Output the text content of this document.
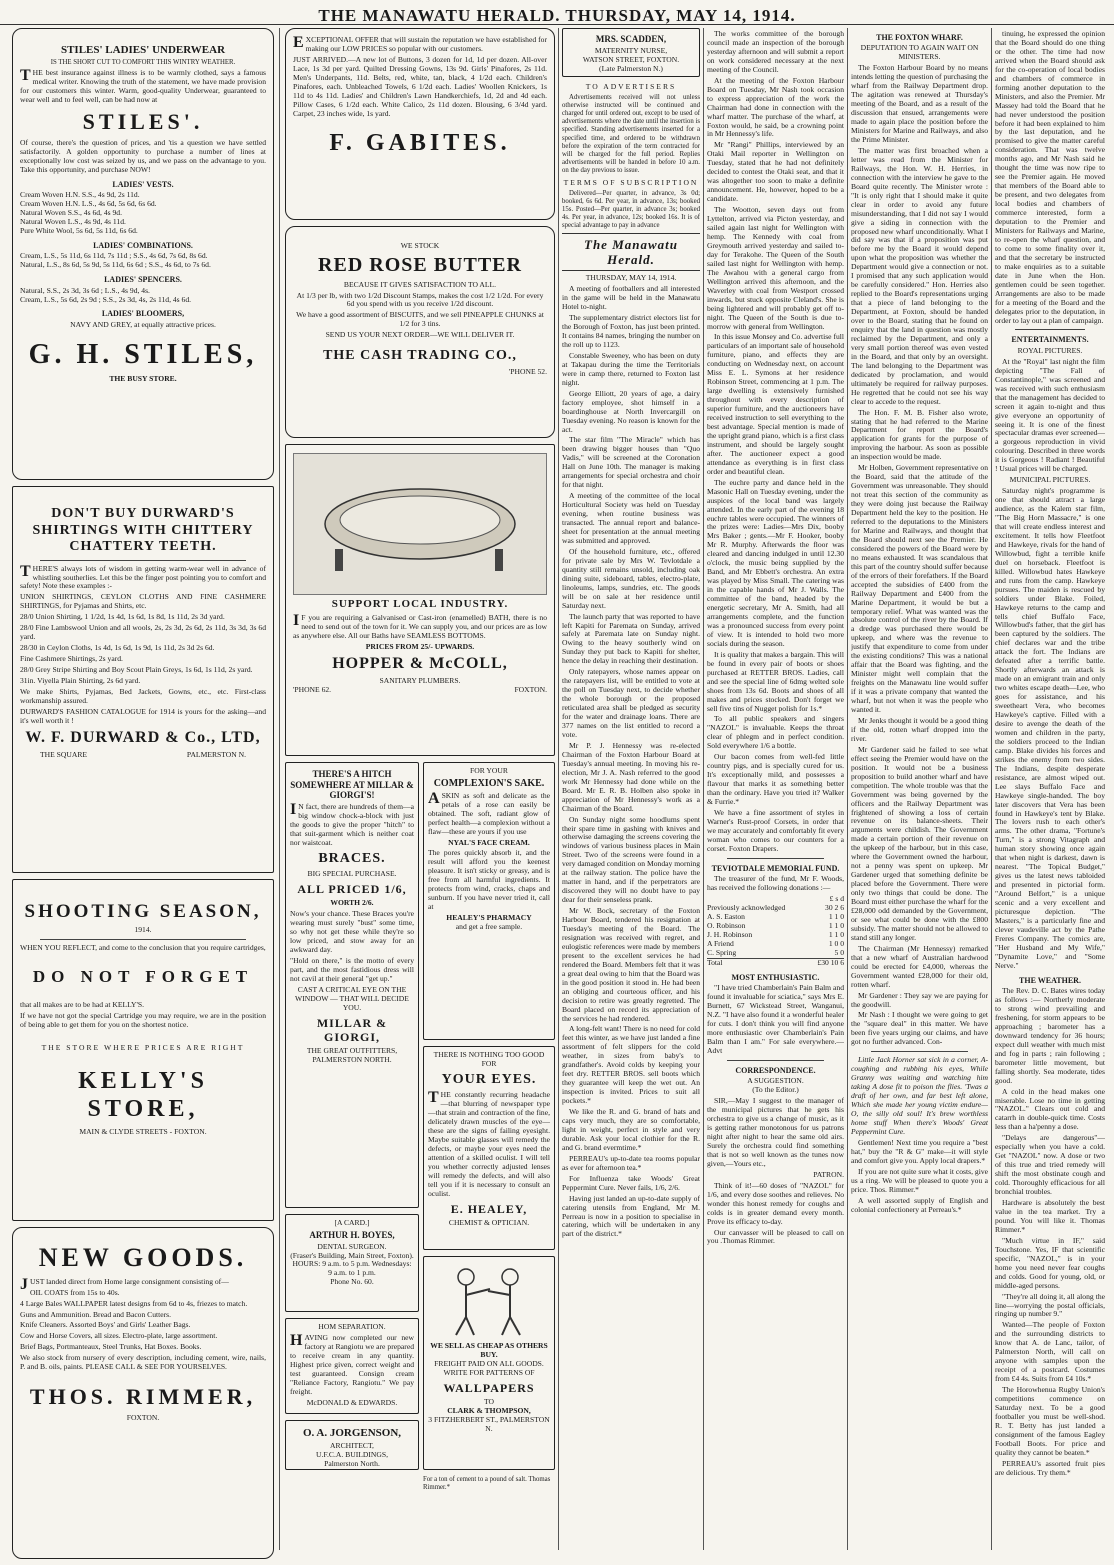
THE MANAWATU HERALD. THURSDAY, MAY 14, 1914.
STILES' LADIES' UNDERWEAR
IS THE SHORT CUT TO COMFORT THIS WINTRY WEATHER.

THE best insurance against illness is to be warmly clothed, says a famous medical writer. Knowing the truth of the statement, we have made provision for our customers this winter. Warm, good-quality Underwear, guaranteed to wear well and to feel well, can be had now at

STILES'.

Of course, there's the question of prices, and 'tis a question we have settled satisfactorily. A golden opportunity to purchase a number of lines at exceptionally low cost was seized by us, and we pass on the advantage to you. Take this opportunity, and purchase NOW!

LADIES' VESTS.
Cream Woven H.N. S.S., 4s 9d, 2s 11d.
Cream Woven H.N. L.S., 4s 6d, 5s 6d, 6s 6d.
Natural Woven S.S., 4s 6d, 4s 9d.
Natural Woven L.S., 4s 9d, 4s 11d.
Pure White Wool, 5s 6d, 5s 11d, 6s 6d.
LADIES' COMBINATIONS.
Cream, L.S., 5s 11d, 6s 11d, 7s 11d ; S.S., 4s 6d, 7s 6d, 8s 6d.
Natural, L.S., 8s 6d, 5s 9d, 5s 11d, 6s 6d ; S.S., 4s 6d, to 7s 6d.
LADIES' SPENCERS.
Natural, S.S., 2s 3d, 3s 6d ; L.S., 4s 9d, 4s.
Cream, L.S., 5s 6d, 2s 9d ; S.S., 2s 3d, 4s, 2s 11d, 4s 6d.
LADIES' BLOOMERS,
NAVY AND GREY, at equally attractive prices.
G. H. STILES,
THE BUSY STORE.
DON'T BUY DURWARD'S SHIRTINGS WITH CHITTERY CHATTERY TEETH.

THERE'S always lots of wisdom in getting warm-wear well in advance of whistling southerlies. Let this be the finger post pointing you to comfort and safety! Note these examples :-

UNION SHIRTINGS, CEYLON CLOTHS AND FINE CASHMERE SHIRTINGS, for Pyjamas and Shirts, etc.

28/0 Union Shirting, 1 1/2d, 1s 4d, 1s 6d, 1s 8d, 1s 11d, 2s 3d yard.

28/0 Fine Lambswool Union and all wools, 2s, 2s 3d, 2s 6d, 2s 11d, 3s 3d, 3s 6d yard.

28/30 in Ceylon Cloths, 1s 4d, 1s 6d, 1s 9d, 1s 11d, 2s 3d 2s 6d.

Fine Cashmere Shirtings, 2s yard.

28/0 Grey Stripe Shirting and Boy Scout Plain Greys, 1s 6d, 1s 11d, 2s yard.

31in. Viyella Plain Shirting, 2s 6d yard.

We make Shirts, Pyjamas, Bed Jackets, Gowns, etc., etc. First-class workmanship assured.

DURWARD'S FASHION CATALOGUE for 1914 is yours for the asking—and it's well worth it !

W. F. DURWARD & Co., LTD,
THE SQUARE	PALMERSTON N.
SHOOTING SEASON,
1914.

WHEN YOU REFLECT, and come to the conclusion that you require cartridges,

DO NOT FORGET

that all makes are to be had at KELLY'S.

If we have not got the special Cartridge you may require, we are in the position of being able to get them for you on the shortest notice.

THE STORE WHERE PRICES ARE RIGHT
KELLY'S STORE,
MAIN & CLYDE STREETS - FOXTON.
NEW GOODS.

JUST landed direct from Home large consignment consisting of—

OIL COATS from 15s to 40s.

4 Large Bales WALLPAPER latest designs from 6d to 4s, friezes to match.

Guns and Ammunition. Bread and Bacon Cutters.

Knife Cleaners. Assorted Boys' and Girls' Leather Bags.

Cow and Horse Covers, all sizes. Electro-plate, large assortment.

Brief Bags, Portmanteaux, Steel Trunks, Hat Boxes. Books.

We also stock from nursery of every description, including cement, wire, nails, P. and B. oils, paints. PLEASE CALL & SEE FOR YOURSELVES.

THOS. RIMMER,
FOXTON.

EXCEPTIONAL OFFER that will sustain the reputation we have established for making our LOW PRICES so popular with our customers.

JUST ARRIVED.—A new lot of Buttons, 3 dozen for 1d, 1d per dozen. All-over Lace, 1s 3d per yard. Quilted Dressing Gowns, 13s 9d. Girls' Pinafores, 2s 11d. Men's Underpants, 11d. Belts, red, white, tan, black, 4 1/2d each. Children's Pinafores, each. Unbleached Towels, 6 1/2d each. Ladies' Woollen Knickers, 1s 11d to 4s 11d. Ladies' and Children's Lawn Handkerchiefs, 1d, 2d and 4d each. Pillow Cases, 6 1/2d each. White Calico, 2s 11d dozen. Blousing, 6 3/4d yard. Carpet, 23 inches wide, 1s yard.

F. GABITES.
WE STOCK
RED ROSE BUTTER
BECAUSE IT GIVES SATISFACTION TO ALL.

At 1/3 per lb, with two 1/2d Discount Stamps, makes the cost 1/2 1/2d. For every 6d you spend with us you receive 1/2d discount.

We have a good assortment of BISCUITS, and we sell PINEAPPLE CHUNKS at 1/2 for 3 tins.

SEND US YOUR NEXT ORDER—WE WILL DELIVER IT.

THE CASH TRADING CO.,
'PHONE 52.
SUPPORT LOCAL INDUSTRY.

IF you are requiring a Galvanised or Cast-iron (enamelled) BATH, there is no need to send out of the town for it. We can supply you, and our prices are as low as anywhere else. All our Baths have SEAMLESS BOTTOMS.

PRICES FROM 25/- UPWARDS.
HOPPER & McCOLL,
SANITARY PLUMBERS.
'PHONE 62.	FOXTON.
THERE'S A HITCH SOMEWHERE AT MILLAR & GIORGI'S!

IN fact, there are hundreds of them—a big window chock-a-block with just the goods to give the proper "hitch" to that suit-garment which is neither coat nor waistcoat.

BRACES.
BIG SPECIAL PURCHASE.
ALL PRICED 1/6,
WORTH 2/6.

Now's your chance. These Braces you're wearing must surely "bust" some time, so why not get these while they're so low priced, and stow away for an awkward day.

"Hold on there," is the motto of every part, and the most fastidious dress will not cavil at their general "get up."

CAST A CRITICAL EYE ON THE WINDOW — THAT WILL DECIDE YOU.

MILLAR & GIORGI,
THE GREAT OUTFITTERS,
PALMERSTON NORTH.
[A CARD.]
ARTHUR H. BOYES,
DENTAL SURGEON.
(Fraser's Building, Main Street, Foxton).
HOURS: 9 a.m. to 5 p.m. Wednesdays: 9 a.m. to 1 p.m.
Phone No. 60.
HOM SEPARATION.

HAVING now completed our new factory at Rangiotu we are prepared to receive cream in any quantity. Highest price given, correct weight and test guaranteed. Consign cream "Reliance Factory, Rangiotu." We pay freight.

McDONALD & EDWARDS.
O. A. JORGENSON,
ARCHITECT,
U.F.C.A. BUILDINGS,
Palmerston North.
FOR YOUR
COMPLEXION'S SAKE.

ASKIN as soft and delicate as the petals of a rose can easily be obtained. The soft, radiant glow of perfect health—a complexion without a flaw—these are yours if you use

NYAL'S FACE CREAM.

The pores quickly absorb it, and the result will afford you the keenest pleasure. It isn't sticky or greasy, and is free from all harmful ingredients. It protects from wind, cracks, chaps and sunburn. If you have never tried it, call at

HEALEY'S PHARMACY
and get a free sample.
THERE IS NOTHING TOO GOOD FOR
YOUR EYES.

THE constantly recurring headache—that blurring of newspaper type—that strain and contraction of the fine, delicately drawn muscles of the eye—these are the signs of failing eyesight. Maybe suitable glasses will remedy the defects, or maybe your eyes need the attention of a skilled oculist. I will tell you whether correctly adjusted lenses will remedy the defects, and will also tell you if it is necessary to consult an oculist.

E. HEALEY,
CHEMIST & OPTICIAN.
WE SELL AS CHEAP AS OTHERS BUY.
FREIGHT PAID ON ALL GOODS.
WRITE FOR PATTERNS OF
WALLPAPERS
TO
CLARK & THOMPSON,
3 FITZHERBERT ST., PALMERSTON N.
For a ton of cement to a pound of salt. Thomas Rimmer.*
MRS. SCADDEN,
MATERNITY NURSE,
WATSON STREET, FOXTON.
(Late Palmerston N.)
TO ADVERTISERS

Advertisements received will not unless otherwise instructed will be continued and charged for until ordered out, except to be used of advertisements where the date until the insertion is specified. Standing advertisements inserted for a specified time, and ordered to be withdrawn before the expiration of the term contracted for will be charged for the full period. Replies advertisements will be handed in before 10 a.m. on the day previous to issue.

TERMS OF SUBSCRIPTION

Delivered—Per quarter, in advance, 3s 0d; booked, 6s 6d. Per year, in advance, 13s; booked 15s. Posted—Per quarter, in advance 3s; booked 4s. Per year, in advance, 12s; booked 16s. It is of special advantage to pay in advance

The Manawatu Herald.
THURSDAY, MAY 14, 1914.

A meeting of footballers and all interested in the game will be held in the Manawatu Hotel to-night.

The supplementary district electors list for the Borough of Foxton, has just been printed. It contains 84 names, bringing the number on the roll up to 1123.

Constable Sweeney, who has been on duty at Takapau during the time the Territorials were in camp there, returned to Foxton last night.

George Elliott, 20 years of age, a dairy factory employee, shot himself in a boardinghouse at North Invercargill on Tuesday evening. No reason is known for the act.

The star film "The Miracle" which has been drawing bigger houses than "Quo Vadis," will be screened at the Coronation Hall on June 10th. The manager is making arrangements for special orchestra and choir for that night.

A meeting of the committee of the local Horticultural Society was held on Tuesday evening, when routine business was transacted. The annual report and balance-sheet for presentation at the annual meeting was submitted and approved.

Of the household furniture, etc., offered for private sale by Mrs W. Tevlotdale a quantity still remains unsold, including oak dining suite, sideboard, tables, electro-plate, linoleums, lamps, sundries, etc. The goods will be on sale at her residence until Saturday next.

The launch party that was reported to have left Kapiti for Paremata on Sunday, arrived safely at Paremata late on Sunday night. Owing to the heavy southerly wind on Sunday they put back to Kapiti for shelter, hence the delay in reaching their destination.

Only ratepayers, whose names appear on the ratepayers list, will be entitled to vote at the poll on Tuesday next, to decide whether the whole borough or the proposed reticulated area shall be pledged as security for the water and drainage loans. There are 377 names on the list entitled to record a vote.

Mr P. J. Hennessy was re-elected Chairman of the Foxton Harbour Board at Tuesday's annual meeting. In moving his re-election, Mr J. A. Nash referred to the good work Mr Hennessy had done while on the Board. Mr E. R. B. Holben also spoke in appreciation of Mr Hennessy's work as a Chairman of the Board.

On Sunday night some hoodlums spent their spare time in gashing with knives and otherwise damaging the screens covering the windows of various business places in Main Street. Two of the screens were found in a very damaged condition on Monday morning at the railway station. The police have the matter in hand, and if the perpetrators are discovered they will no doubt have to pay dear for their senseless prank.

Mr W. Bock, secretary of the Foxton Harbour Board, tendered his resignation at Tuesday's meeting of the Board. The resignation was received with regret, and eulogistic references were made by members present to the excellent services he had rendered the Board. Members felt that it was a great deal owing to him that the Board was in the good position it stood in. He had been an obliging and courteous officer, and his decision to retire was greatly regretted. The Board placed on record its appreciation of the services he had rendered.

A long-felt want! There is no need for cold feet this winter, as we have just landed a fine assortment of felt slippers for the cold weather, in sizes from baby's to grandfather's. Avoid colds by keeping your feet dry. RETTER BROS. sell boots which they guarantee will keep the wet out. An inspection is invited. Prices to suit all pockets.*

We like the R. and G. brand of hats and caps very much, they are so comfortable, light in weight, perfect in style and very durable. Ask your local clothier for the R. and G. brand evermtime.*

PERREAU's up-to-date tea rooms popular as ever for afternoon tea.*

For Influenza take Woods' Great Peppermint Cure. Never fails, 1/6, 2/6.

Having just landed an up-to-date supply of catering utensils from England, Mr M. Perreau is now in a position to specialise in catering, which will be undertaken in any part of the district.*

The works committee of the borough council made an inspection of the borough yesterday afternoon and will submit a report on work considered necessary at the next meeting of the Council.

At the meeting of the Foxton Harbour Board on Tuesday, Mr Nash took occasion to express appreciation of the work the Chairman had done in connection with the wharf matter. The purchase of the wharf, at Foxton would, he said, be a crowning point in Mr Hennessy's life.

Mr "Rangi" Phillips, interviewed by an Otaki Mail reporter in Wellington on Tuesday, stated that he had not definitely decided to contest the Otaki seat, and that it was altogether too soon to make a definite announcement. He, however, hoped to be a candidate.

The Wootton, seven days out from Lyttelton, arrived via Picton yesterday, and sailed again last night for Wellington with hemp. The Kennedy with coal from Greymouth arrived yesterday and sailed to-day for Terakohe. The Queen of the South sailed last night for Wellington with hemp. The Awahou with a general cargo from Wellington arrived this afternoon, and the Waverley with coal from Westport crossed inwards, but stuck opposite Cleland's. She is being lightered and will probably get off to-night. The Queen of the South is due to-morrow with general from Wellington.

In this issue Monsey and Co. advertise full particulars of an important sale of household furniture, piano, and effects they are conducting on Wednesday next, on account Miss E. L. Symons at her residence Robinson Street, commencing at 1 p.m. The large dwelling is extensively furnished throughout with every description of superior furniture, and the auctioneers have received instruction to sell everything to the best advantage. Special mention is made of the upright grand piano, which is a first class instrument, and should be largely sought after. The auctioneer expect a good attendance as everything is in first class order and beautiful clean.

The euchre party and dance held in the Masonic Hall on Tuesday evening, under the auspices of the local band was largely attended. In the early part of the evening 18 euchre tables were occupied. The winners of the prizes were: Ladies—Mrs Dix, booby Mrs Baker ; gents.—Mr F. Hooker, booby Mr R. Murphy. Afterwards the floor was cleared and dancing indulged in until 12.30 o'clock, the music being supplied by the Band, and Mr Ebbett's orchestra. An extra was played by Miss Small. The catering was in the capable hands of Mr J. Walls. The committee of the band, headed by the energetic secretary, Mr A. Smith, had all arrangements complete, and the function was a pronounced success from every point of view. It is intended to hold two more socials during the season.

It is quality that makes a bargain. This will be found in every pair of boots or shoes purchased at RETTER BROS. Ladies, call and see the special line of 6dmg welted sole shoes from 13s 6d. Boots and shoes of all makes and prices stocked. Don't forget we sell five tins of Nugget polish for 1s.*

To all public speakers and singers "NAZOL" is invaluable. Keeps the throat clear of phlegm and in perfect condition. Sold everywhere 1/6 a bottle.

Our bacon comes from well-fed little country pigs, and is specially cured for us. It's exceptionally mild, and possesses a flavour that marks it as something better than the ordinary. Have you tried it? Walker & Furrie.*

We have a fine assortment of styles in Warner's Rust-proof Corsets, in order that we may accurately and comfortably fit every woman who comes to our counters for a corset. Foxton Drapers.

TEVIOTDALE MEMORIAL FUND.

The treasurer of the fund, Mr F. Woods, has received the following donations :—

£ s d
Previously acknowledged	30 2 6
A. S. Easton	1 1 0
O. Robinson	1 1 0
J. H. Robinson	1 1 0
A Friend	1 0 0
C. Spring	5 0
Total	£30 10 6
MOST ENTHUSIASTIC.

"I have tried Chamberlain's Pain Balm and found it invaluable for sciatica," says Mrs E. Burnett, 67 Wickstead Street, Wanganui, N.Z. "I have also found it a wonderful healer for cuts. I don't think you will find anyone more enthusiastic over Chamberlain's Pain Balm than I am." For sale everywhere.—Advt

CORRESPONDENCE.
A SUGGESTION.
(To the Editor.)

SIR,—May I suggest to the manager of the municipal pictures that he gets his orchestra to give us a change of music, as it is getting rather monotonous for us patrons night after night to hear the same old airs. Surely the orchestra could find something that is not so well known as the tunes now given,—Yours etc.,

PATRON.

Think of it!—60 doses of "NAZOL" for 1/6, and every dose soothes and relieves. No wonder this honest remedy for coughs and colds is in greater demand every month. Prove its efficacy to-day.

Our canvasser will be pleased to call on you .Thomas Rimmer.

THE FOXTON WHARF.
DEPUTATION TO AGAIN WAIT ON MINISTERS.

The Foxton Harbour Board by no means intends letting the question of purchasing the wharf from the Railway Department drop. The agitation was renewed at Thursday's meeting of the Board, and as a result of the discussion that ensued, arrangements were made to again place the position before the Ministers for Marine and Railways, and also the Prime Minister.

The matter was first broached when a letter was read from the Minister for Railways, the Hon. W. H. Herries, in connection with the interview he gave to the Board quite recently. The Minister wrote : "It is only right that I should make it quite clear in order to avoid any future misunderstanding, that I did not say I would give a siding in connection with the proposed new wharf unconditionally. What I did say was that if a proposition was put before me by the Board it would depend upon what the proposition was whether the Department would give a connection or not. I promised that any such application would be carefully considered." Hon. Herries also replied to the Board's representations urging that a piece of land belonging to the Department, at Foxton, should be handed over to the Board, stating that he found on enquiry that the land in question was mostly reclaimed by the Department, and only a very small portion thereof was even vested in the Board, and that only by an oversight. The land belonging to the Department was dedicated by proclamation, and would ultimately be required for railway purposes. He regretted that he could not see his way clear to accede to the request.

The Hon. F. M. B. Fisher also wrote, stating that he had referred to the Marine Department for report the Board's application for grants for the purpose of improving the harbour. As soon as possible an inspection would be made.

Mr Holben, Government representative on the Board, said that the attitude of the Government was unreasonable. They should not treat this section of the community as they were doing just because the Railway Department held the key to the position. He referred to the deputations to the Ministers for Marine and Railways, and thought that the Board should next see the Premier. He considered the powers of the Board were by no means exhausted. It was scandalous that this part of the country should suffer because of the errors of their forefathers. If the Board accepted the subsidies of £400 from the Railway Department and £400 from the Marine Department, it would be but a temporary relief. What was wanted was the absolute control of the river by the Board. If a dredge was purchased there would be upkeep, and where was the revenue to justify that expenditure to come from under the existing conditions? This was a national affair that the Board was fighting, and the Minister might well complain that the freights on the Manawatu line would suffer if it was a private company that wanted the wharf, but not when it was the people who wanted it.

Mr Jenks thought it would be a good thing if the old, rotten wharf dropped into the river.

Mr Gardener said he failed to see what effect seeing the Premier would have on the position. It would not be a business proposition to build another wharf and have competition. The whole trouble was that the Government was being governed by the officers and the Railway Department was frightened of showing a loss of certain revenue on its balance-sheets. Their arguments were childish. The Government made a certain portion of their revenue on the upkeep of the harbour, but in this case, where the Government owned the harbour, not a penny was spent on upkeep. Mr Gardener urged that something definite be placed before the Government. There were only two things that could be done. The Board must either purchase the wharf for the £28,000 odd demanded by the Government, or see what could be done with the £800 subsidy. The matter should not be allowed to stand still any longer.

The Chairman (Mr Hennessy) remarked that a new wharf of Australian hardwood could be erected for £4,000, whereas the Government wanted £28,000 for their old, rotten wharf.

Mr Gardener : They say we are paying for the goodwill.

Mr Nash : I thought we were going to get the "square deal" in this matter. We have been five years urging our claims, and have got no further advanced. Con-

Little Jack Horner sat sick in a corner, A-coughing and rubbing his eyes, While Granny was waiting and watching him taking A dose fit to poison the flies. 'Twas a draft of her own, and far best left alone, Which she made her young victim endure— O, the silly old soul! It's brew worthless home stuff When there's Woods' Great Peppermint Cure.

Gentlemen! Next time you require a "best hat," buy the "R & G" make—it will style and comfort give you. Apply local drapers.*

If you are not quite sure what it costs, give us a ring. We will be pleased to quote you a price. Thos. Rimmer.*

A well assorted supply of English and colonial confectionery at Perreau's.*

tinuing, he expressed the opinion that the Board should do one thing or the other. The time had now arrived when the Board should ask for the co-operation of local bodies and chambers of commerce in forming another deputation to the Ministers, and also the Premier. Mr Massey had told the Board that he had never understood the position before it had been explained to him by the last deputation, and he promised to give the matter careful consideration. That was twelve months ago, and Mr Nash said he thought the time was now ripe to see the Premier again. He moved that members of the Board able to be present, and two delegates from local bodies and chambers of commerce interested, form a deputation to the Premier and Ministers for Railways and Marine, to re-open the wharf question, and to come to some finality over it, and that the secretary be instructed to make enquiries as to a suitable date in June when the Hon. gentlemen could be seen together. Arrangements are also to be made for a meeting of the Board and the delegates prior to the deputation, in order to lay out a plan of campaign.

ENTERTAINMENTS.
ROYAL PICTURES.

At the "Royal" last night the film depicting "The Fall of Constantinople," was screened and was received with such enthusiasm that the management has decided to screen it again to-night and thus give everyone an opportunity of seeing it. It is one of the finest spectacular dramas ever screened—a gorgeous reproduction in vivid colouring. Described in three words it is Gorgeous ! Radiant ! Beautiful ! Usual prices will be charged.

MUNICIPAL PICTURES.

Saturday night's programme is one that should attract a large audience, as the Kalem star film, "The Big Horn Massacre," is one that will create endless interest and excitement. It tells how Fleetfoot and Hawkeye, rivals for the hand of Willowbud, fight a terrible knife duel on horseback. Fleetfoot is killed. Willowbud hates Hawkeye and runs from the camp. Hawkeye pursues. The maiden is rescued by soldiers under Blake. Foiled, Hawkeye returns to the camp and tells chief Buffalo Face, Willowbud's father, that the girl has been captured by the soldiers. The chief declares war and the tribe attack the fort. The Indians are defeated after a terrific battle. Shortly afterwards an attack is made on an emigrant train and only two whites escape death—Lee, who goes for assistance, and his sweetheart Vera, who becomes Hawkeye's captive. Filled with a desire to avenge the death of the women and children in the party, the soldiers proceed to the Indian camp. Blake divides his forces and strikes the enemy from two sides. The Indians, despite desperate resistance, are almost wiped out. Lee slays Buffalo Face and Hawkeye single-handed. The boy later discovers that Vera has been found in Hawkeye's tent by Blake. The lovers rush to each other's arms. The other drama, "Fortune's Turn," is a strong Vitagraph and human story showing once again that when night is darkest, dawn is nearest. "The Topical Budget," gives us the latest news tabloided and presented in pictorial form. "Around Belfort," is a unique scenic and a very excellent and picturesque depiction. "The Masters," is a particularly fine and clever vaudeville act by the Pathe Freres Company. The comics are, "Her Husband and My Wife," "Dynamite Love," and "Some Nerve."

THE WEATHER.

The Rev. D. C. Bates wires today as follows :— Northerly moderate to strong wind prevailing and freshening, for storm appears to be approaching ; barometer has a downward tendency for 36 hours; expect dull weather with much mist and fog in parts ; rain following ; barometer little movement, but falling shortly. Sea moderate, tides good.

A cold in the head makes one miserable. Lose no time in getting "NAZOL." Clears out cold and catarrh in double-quick time. Costs less than a ha'penny a dose.

"Delays are dangerous"—especially when you have a cold. Get "NAZOL" now. A dose or two of this true and tried remedy will shift the most obstinate cough and cold. Thoroughly efficacious for all bronchial troubles.

Hardware is absolutely the best value in the tea market. Try a pound. You will like it. Thomas Rimmer.*

"Much virtue in IF," said Touchstone. Yes, IF that scientific specific, "NAZOL," is in your home you need never fear coughs and colds. Good for young, old, or middle-aged persons.

"They're all doing it, all along the line—worrying the postal officials, ringing up number 9."

Wanted—The people of Foxton and the surrounding districts to know that A. de Lanc, tailor, of Palmerston North, will call on anyone with samples upon the receipt of a postcard. Costumes from £4 4s. Suits from £4 10s.*

The Horowhenua Rugby Union's competitions commence on Saturday next. To be a good footballer you must be well-shod. R. T. Betty has just landed a consignment of the famous Eagley Football Boots. For price and quality they cannot be beaten.*

PERREAU's assorted fruit pies are delicious. Try them.*
